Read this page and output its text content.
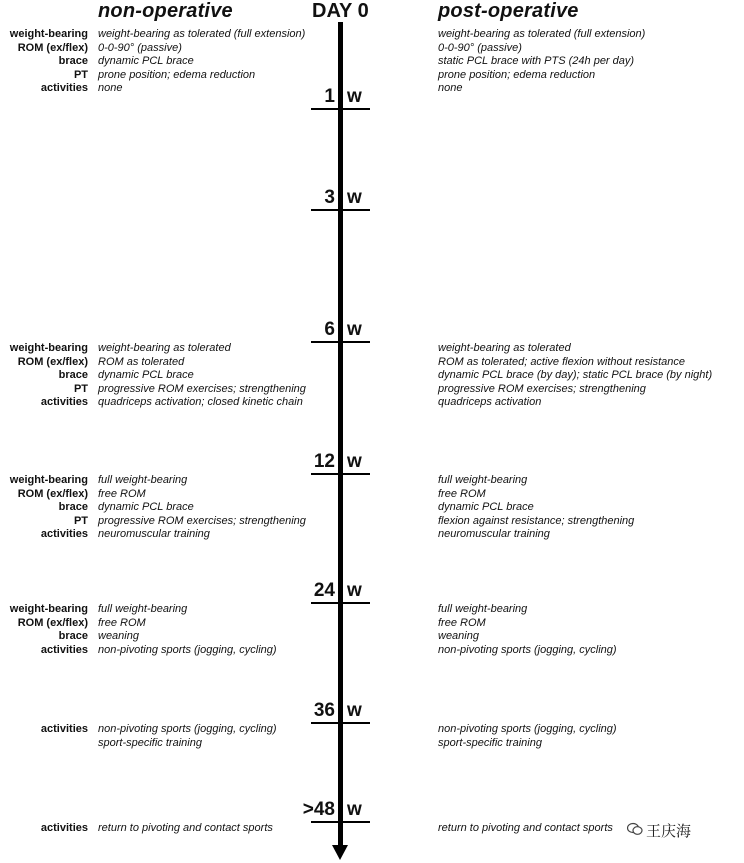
non-operative	DAY 0	post-operative
1 w
3 w
6 w
12 w
24 w
36 w
>48 w
weight-bearing weight-bearing as tolerated (full extension)	weight-bearing as tolerated (full extension)
ROM (ex/flex) 0-0-90° (passive)	0-0-90° (passive)
brace dynamic PCL brace	static PCL brace with PTS (24h per day)
PT prone position; edema reduction	prone position; edema reduction
activities none	none
weight-bearing weight-bearing as tolerated	weight-bearing as tolerated
ROM (ex/flex) ROM as tolerated	ROM as tolerated; active flexion without resistance
brace dynamic PCL brace	dynamic PCL brace (by day); static PCL brace (by night)
PT progressive ROM exercises; strengthening	progressive ROM exercises; strengthening
activities quadriceps activation; closed kinetic chain	quadriceps activation
weight-bearing full weight-bearing	full weight-bearing
ROM (ex/flex) free ROM	free ROM
brace dynamic PCL brace	dynamic PCL brace
PT progressive ROM exercises; strengthening	flexion against resistance; strengthening
activities neuromuscular training	neuromuscular training
weight-bearing full weight-bearing	full weight-bearing
ROM (ex/flex) free ROM	free ROM
brace weaning	weaning
activities non-pivoting sports (jogging, cycling)	non-pivoting sports (jogging, cycling)
activities non-pivoting sports (jogging, cycling)	non-pivoting sports (jogging, cycling)
sport-specific training	sport-specific training
activities return to pivoting and contact sports	return to pivoting and contact sports 王庆海
